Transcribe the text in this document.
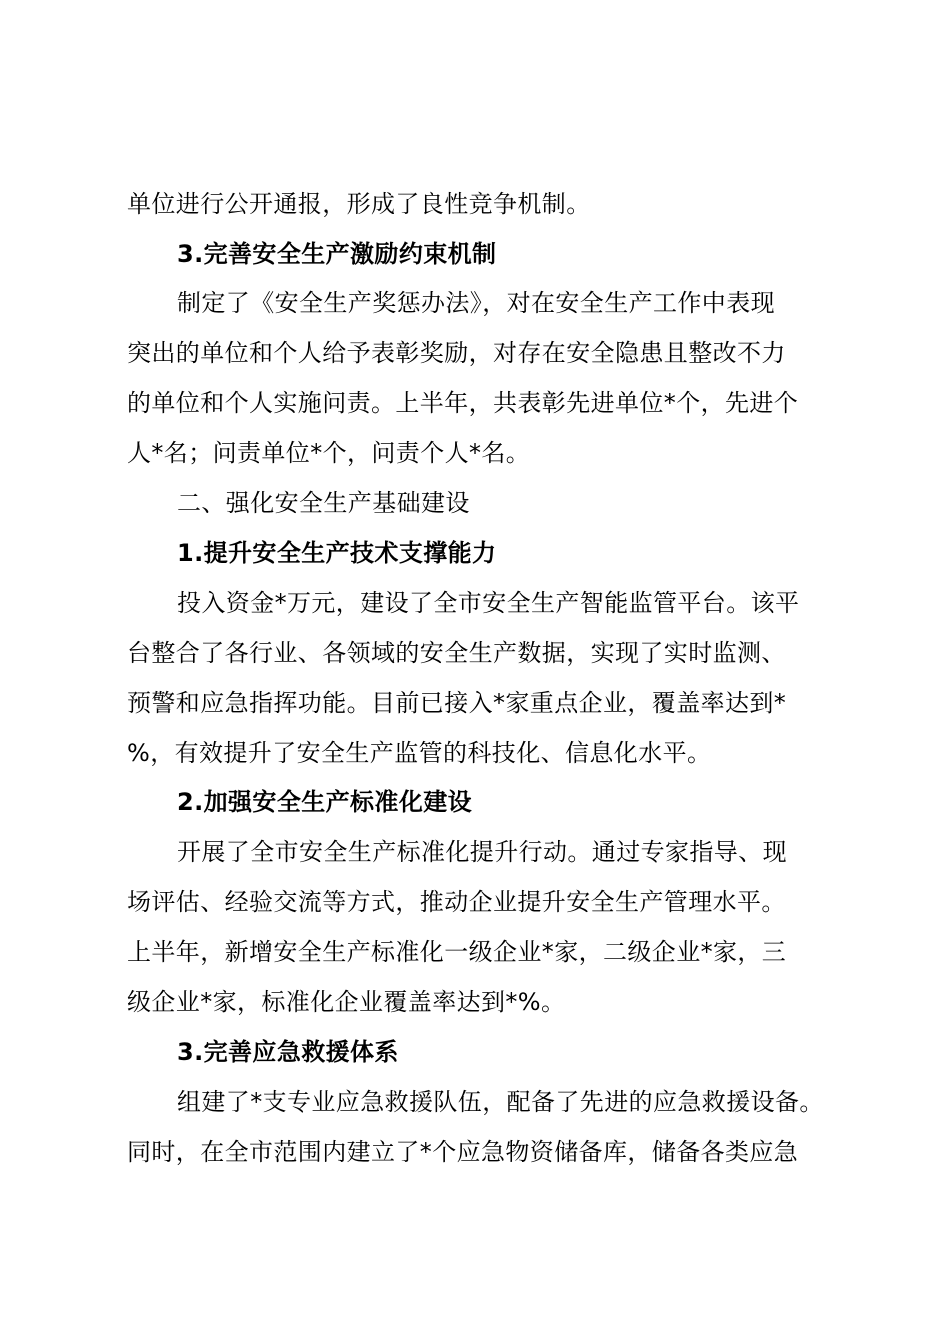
单位进行公开通报，形成了良性竞争机制。
3.完善安全生产激励约束机制
制定了《安全生产奖惩办法》，对在安全生产工作中表现
突出的单位和个人给予表彰奖励，对存在安全隐患且整改不力
的单位和个人实施问责。上半年，共表彰先进单位*个，先进个
人*名；问责单位*个，问责个人*名。
二、强化安全生产基础建设
1.提升安全生产技术支撑能力
投入资金*万元，建设了全市安全生产智能监管平台。该平
台整合了各行业、各领域的安全生产数据，实现了实时监测、
预警和应急指挥功能。目前已接入*家重点企业，覆盖率达到*
%，有效提升了安全生产监管的科技化、信息化水平。
2.加强安全生产标准化建设
开展了全市安全生产标准化提升行动。通过专家指导、现
场评估、经验交流等方式，推动企业提升安全生产管理水平。
上半年，新增安全生产标准化一级企业*家，二级企业*家，三
级企业*家，标准化企业覆盖率达到*%。
3.完善应急救援体系
组建了*支专业应急救援队伍，配备了先进的应急救援设备。
同时，在全市范围内建立了*个应急物资储备库，储备各类应急
